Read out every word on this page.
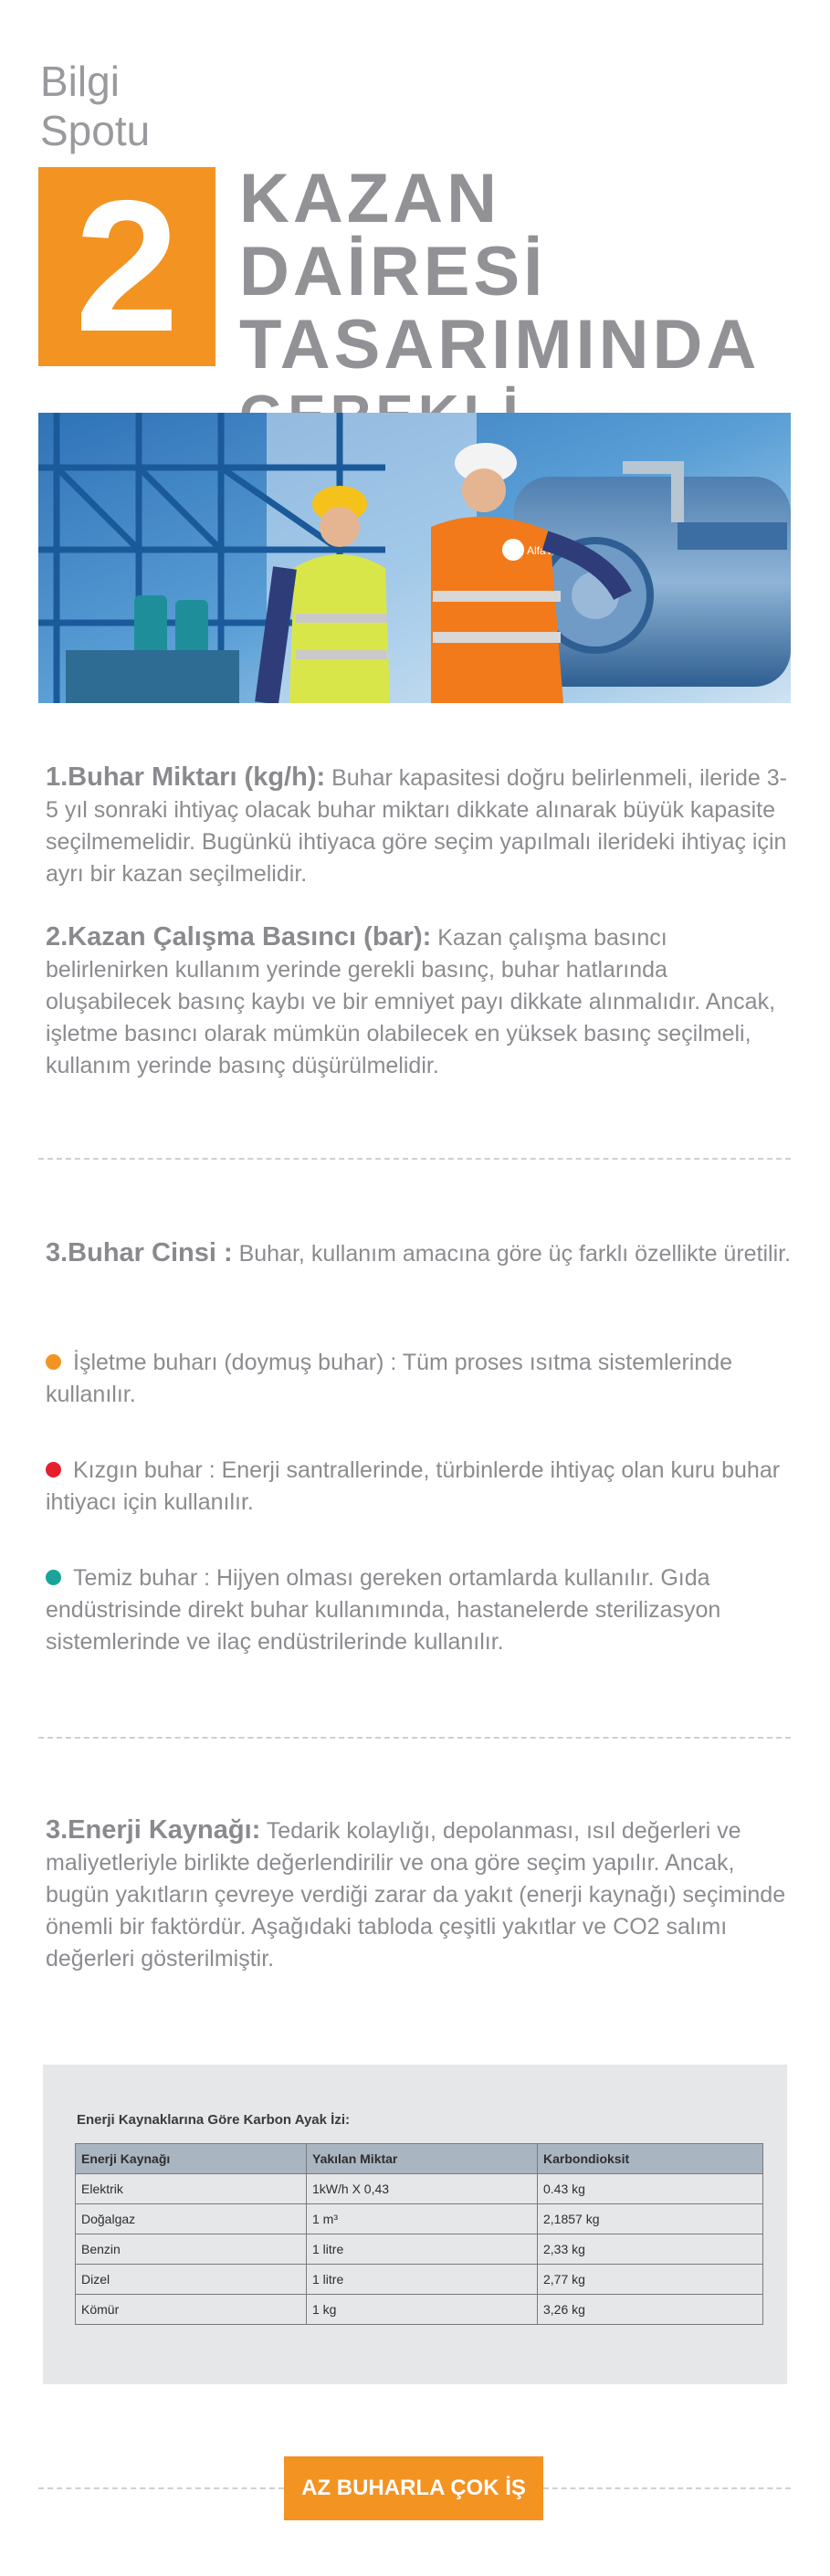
Bilgi
Spotu
2 KAZAN DAİRESİ
TASARIMINDA
AlfaVal
1.Buhar Miktarı (kg/h): Buhar kapasitesi doğru belirlenmeli, ileride 3-5 yıl sonraki ihtiyaç olacak buhar miktarı dikkate alınarak büyük kapasite seçilmemelidir. Bugünkü ihtiyaca göre seçim yapılmalı ilerideki ihtiyaç için ayrı bir kazan seçilmelidir.
2.Kazan Çalışma Basıncı (bar): Kazan çalışma basıncı belirlenirken kullanım yerinde gerekli basınç, buhar hatlarında oluşabilecek basınç kaybı ve bir emniyet payı dikkate alınmalıdır. Ancak, işletme basıncı olarak mümkün olabilecek en yüksek basınç seçilmeli, kullanım yerinde basınç düşürülmelidir.
3.Buhar Cinsi : Buhar, kullanım amacına göre üç farklı özellikte üretilir.
İşletme buharı (doymuş buhar) : Tüm proses ısıtma sistemlerinde kullanılır.
Kızgın buhar : Enerji santrallerinde, türbinlerde ihtiyaç olan kuru buhar ihtiyacı için kullanılır.
Temiz buhar : Hijyen olması gereken ortamlarda kullanılır. Gıda endüstrisinde direkt buhar kullanımında, hastanelerde sterilizasyon sistemlerinde ve ilaç endüstrilerinde kullanılır.
3.Enerji Kaynağı: Tedarik kolaylığı, depolanması, ısıl değerleri ve maliyetleriyle birlikte değerlendirilir ve ona göre seçim yapılır. Ancak, bugün yakıtların çevreye verdiği zarar da yakıt (enerji kaynağı) seçiminde önemli bir faktördür. Aşağıdaki tabloda çeşitli yakıtlar ve CO2 salımı değerleri gösterilmiştir.
Enerji Kaynaklarına Göre Karbon Ayak İzi:
Enerji Kaynağı	Yakılan Miktar	Karbondioksit
Elektrik	1kW/h X 0,43	0.43 kg
Doğalgaz	1 m³	2,1857 kg
Benzin	1 litre	2,33 kg
Dizel	1 litre	2,77 kg
Kömür	1 kg	3,26 kg
AZ BUHARLA ÇOK İŞ
